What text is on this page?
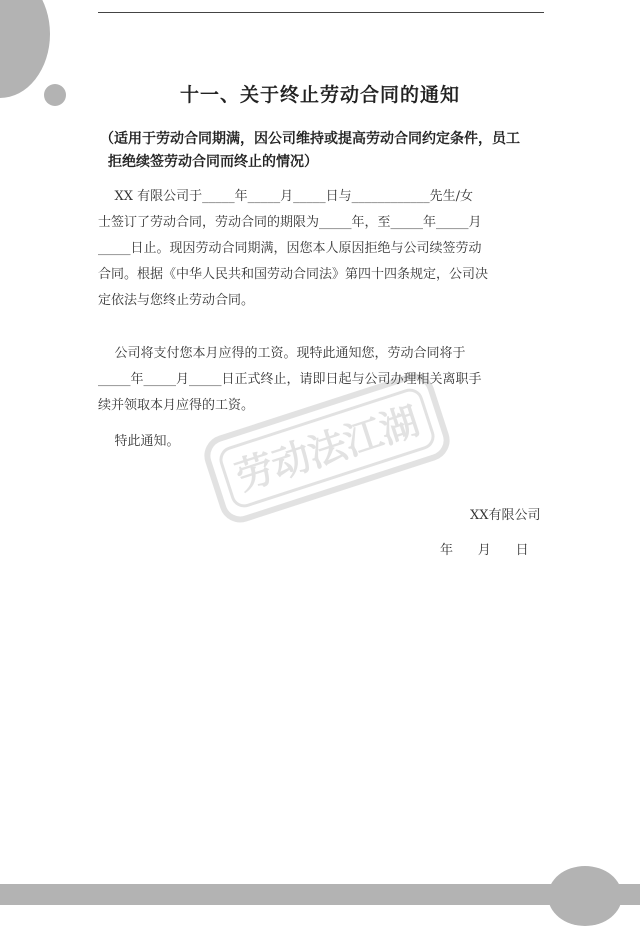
十一、关于终止劳动合同的通知
（适用于劳动合同期满，因公司维持或提高劳动合同约定条件，员工
拒绝续签劳动合同而终止的情况）
XX 有限公司于_____年_____月_____日与____________先生/女
士签订了劳动合同，劳动合同的期限为_____年，至_____年_____月
_____日止。现因劳动合同期满，因您本人原因拒绝与公司续签劳动
合同。根据《中华人民共和国劳动合同法》第四十四条规定，公司决
定依法与您终止劳动合同。
公司将支付您本月应得的工资。现特此通知您，劳动合同将于
_____年_____月_____日正式终止，请即日起与公司办理相关离职手
续并领取本月应得的工资。
特此通知。
XX有限公司
年      月      日
劳动法江湖
